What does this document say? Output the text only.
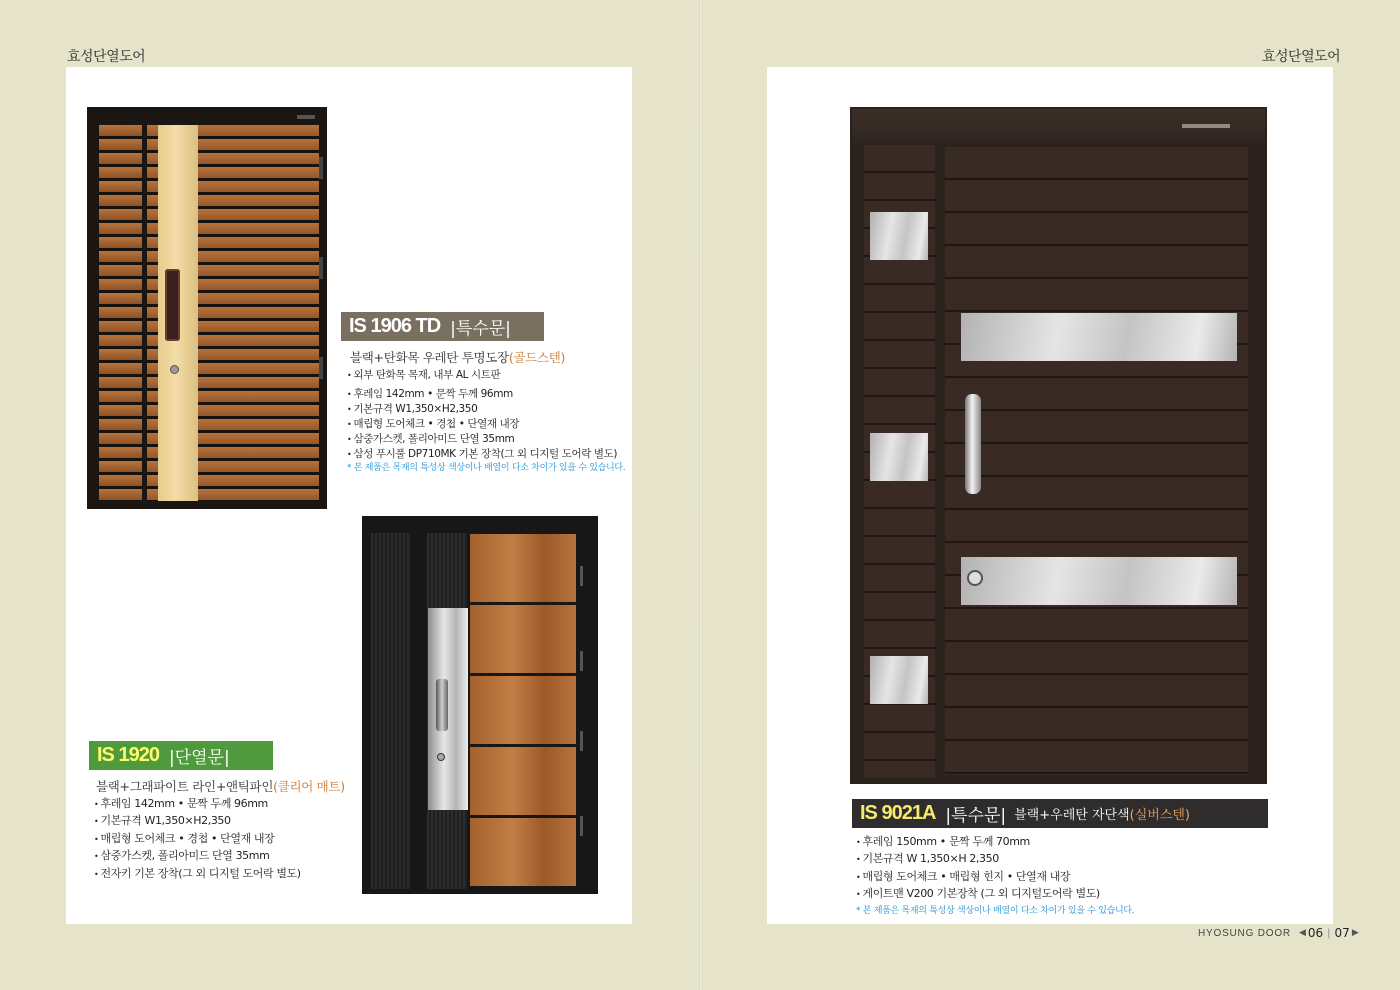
효성단열도어	효성단열도어
IS 1906 TD |특수문|
블랙+탄화목 우레탄 투명도장(골드스텐)
• 외부 탄화목 목재, 내부 AL 시트판
• 후레임 142mm • 문짝 두께 96mm
• 기본규격 W1,350×H2,350
• 매립형 도어체크 • 경첩 • 단열재 내장
• 삼중가스켓, 폴리아미드 단열 35mm
• 삼성 푸시풀 DP710MK 기본 장착(그 외 디지털 도어락 별도)
* 본 제품은 목재의 특성상 색상이나 배열이 다소 차이가 있을 수 있습니다.
IS 1920 |단열문|
블랙+그래파이트 라인+앤틱파인(클리어 매트)
• 후레임 142mm • 문짝 두께 96mm
• 기본규격 W1,350×H2,350
• 매립형 도어체크 • 경첩 • 단열재 내장
• 삼중가스켓, 폴리아미드 단열 35mm
• 전자키 기본 장착(그 외 디지털 도어락 별도)
IS 9021A |특수문| 블랙+우레탄 자단색 (실버스텐)
• 후레임 150mm • 문짝 두께 70mm
• 기본규격 W 1,350×H 2,350
• 매립형 도어체크 • 매립형 힌지 • 단열재 내장
• 게이트맨 V200 기본장착 (그 외 디지털도어락 별도)
* 본 제품은 목재의 특성상 색상이나 배열이 다소 차이가 있을 수 있습니다.
HYOSUNG DOOR ◀ 06 | 07 ▶
